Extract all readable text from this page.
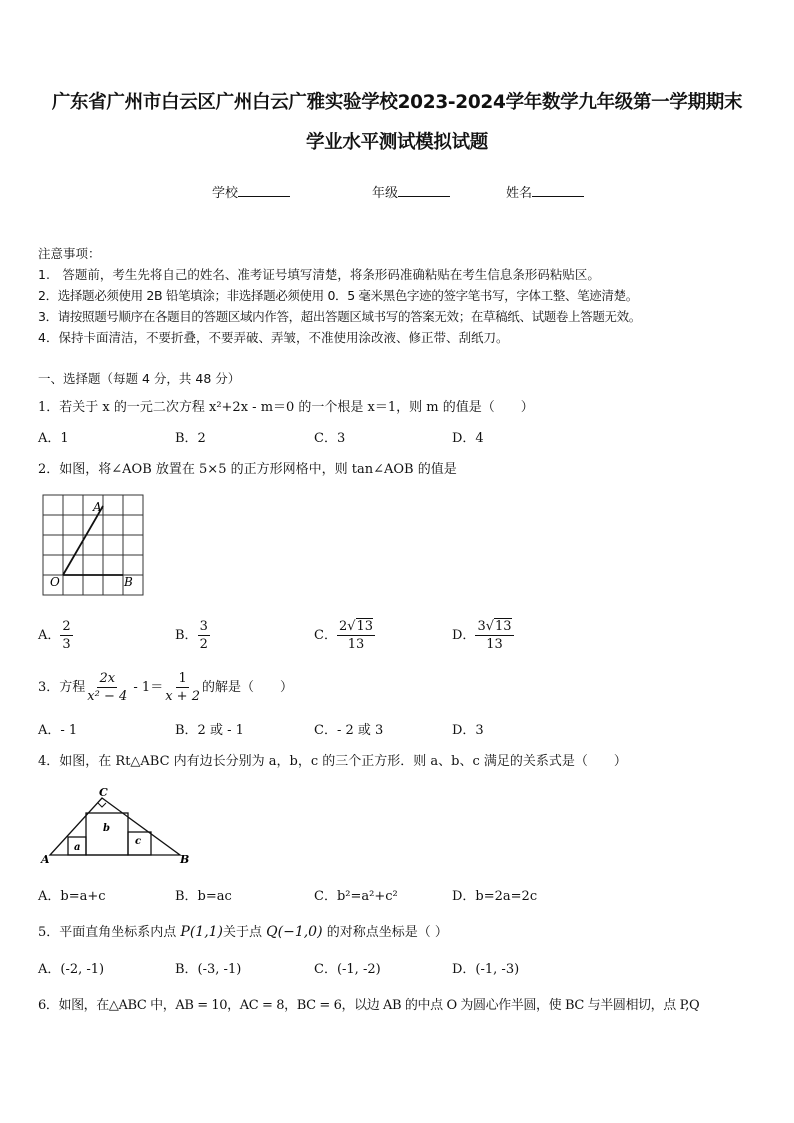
广东省广州市白云区广州白云广雅实验学校2023-2024学年数学九年级第一学期期末
学业水平测试模拟试题
学校	年级	姓名
注意事项：
1.　答题前，考生先将自己的姓名、准考证号填写清楚，将条形码准确粘贴在考生信息条形码粘贴区。
2．选择题必须使用 2B 铅笔填涂；非选择题必须使用 0．5 毫米黑色字迹的签字笔书写，字体工整、笔迹清楚。
3．请按照题号顺序在各题目的答题区域内作答，超出答题区域书写的答案无效；在草稿纸、试题卷上答题无效。
4．保持卡面清洁，不要折叠，不要弄破、弄皱，不准使用涂改液、修正带、刮纸刀。
一、选择题（每题 4 分，共 48 分）
1．若关于 x 的一元二次方程 x²+2x - m＝0 的一个根是 x＝1，则 m 的值是（　　）
A．1	B．2	C．3	D．4
2．如图，将∠AOB 放置在 5×5 的正方形网格中，则 tan∠AOB 的值是
A
O	B
A． $\frac{2}{3}$	B． $\frac{3}{2}$	C． $\frac{2√13}{13}$	D． $\frac{3√13}{13}$
3．方程 $\frac{2x}{\text{x² − 4}} - 1= \frac{1}{x + 2}$ 的解是（　　）
A．- 1	B．2 或 - 1	C．- 2 或 3	D．3
4．如图，在 Rt△ABC 内有边长分别为 a，b，c 的三个正方形．则 a、b、c 满足的关系式是（　　）
C
A	B
a
b
c
A．b=a+c	B．b=ac	C．b²=a²+c²	D．b=2a=2c
5．平面直角坐标系内点 P(1,1)关于点 Q(−1,0) 的对称点坐标是（ ）
A．(-2, -1)	B．(-3, -1)	C．(-1, -2)	D．(-1, -3)
6．如图，在△ABC 中，AB = 10，AC = 8，BC = 6，以边 AB 的中点 O 为圆心作半圆，使 BC 与半圆相切，点 P,Q
